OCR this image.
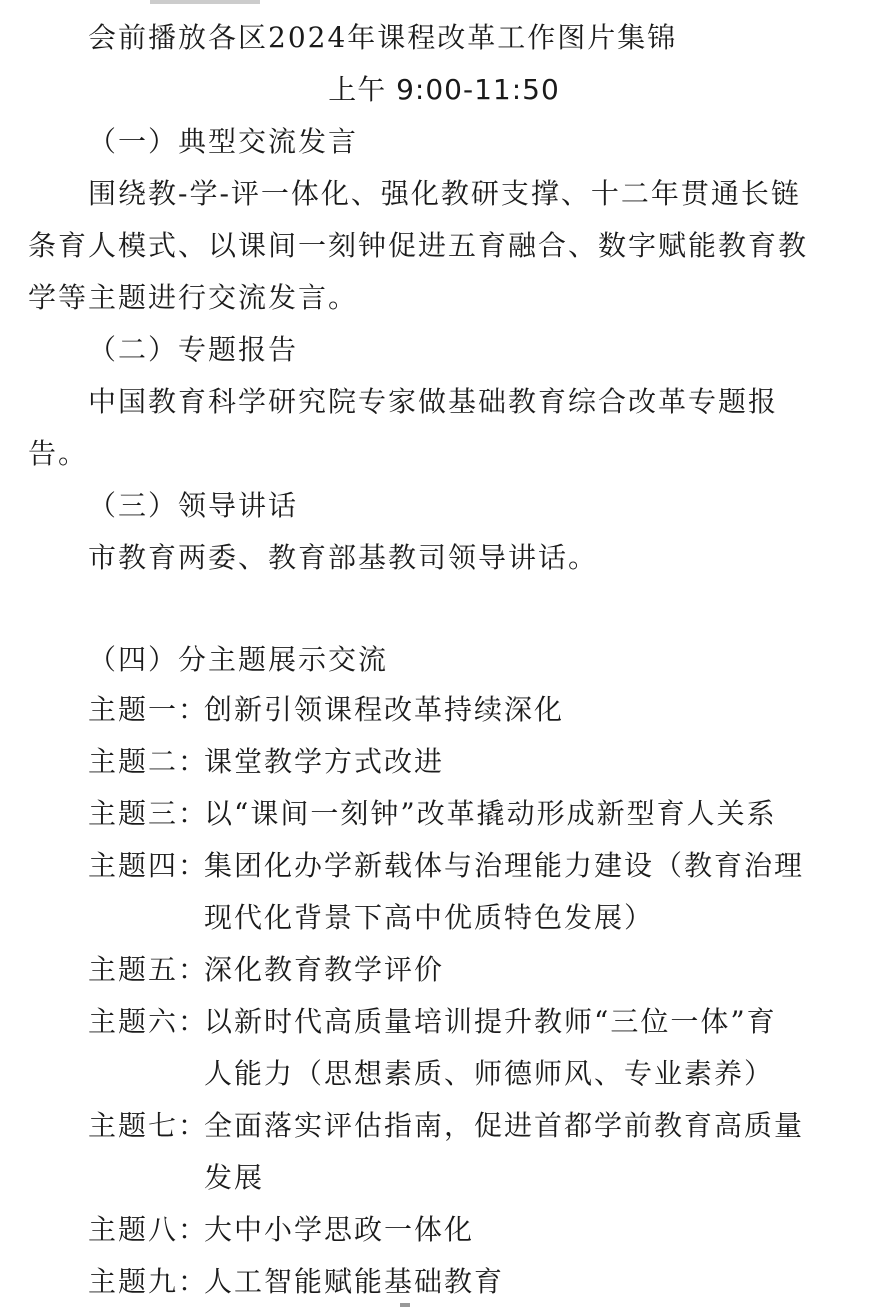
会前播放各区2024年课程改革工作图片集锦
上午 9:00-11:50
（一）典型交流发言
围绕教-学-评一体化、强化教研支撑、十二年贯通长链
条育人模式、以课间一刻钟促进五育融合、数字赋能教育教
学等主题进行交流发言。
（二）专题报告
中国教育科学研究院专家做基础教育综合改革专题报
告。
（三）领导讲话
市教育两委、教育部基教司领导讲话。
（四）分主题展示交流
主题一：
创新引领课程改革持续深化
主题二：
课堂教学方式改进
主题三：
以“课间一刻钟”改革撬动形成新型育人关系
主题四：
集团化办学新载体与治理能力建设（教育治理
现代化背景下高中优质特色发展）
主题五：
深化教育教学评价
主题六：
以新时代高质量培训提升教师“三位一体”育
人能力（思想素质、师德师风、专业素养）
主题七：
全面落实评估指南，促进首都学前教育高质量
发展
主题八：
大中小学思政一体化
主题九：
人工智能赋能基础教育
